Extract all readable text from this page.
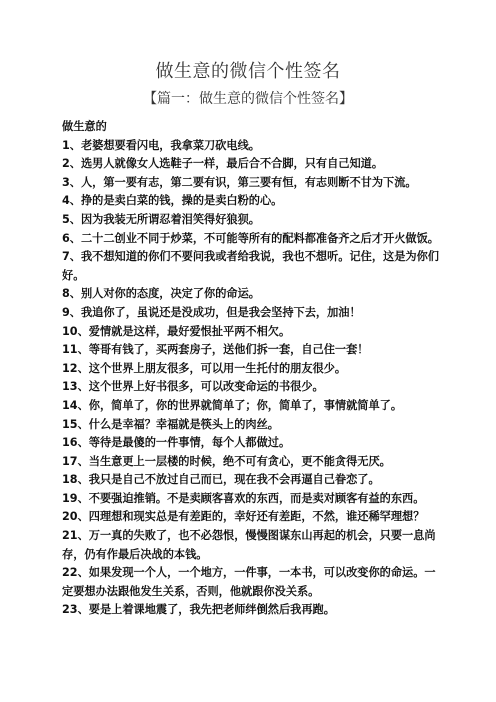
做生意的微信个性签名
【篇一：做生意的微信个性签名】
做生意的
1、老婆想要看闪电，我拿菜刀砍电线。
2、选男人就像女人选鞋子一样，最后合不合脚，只有自己知道。
3、人，第一要有志，第二要有识，第三要有恒，有志则断不甘为下流。
4、挣的是卖白菜的钱，操的是卖白粉的心。
5、因为我装无所谓忍着泪笑得好狼狈。
6、二十二创业不同于炒菜，不可能等所有的配料都准备齐之后才开火做饭。
7、我不想知道的你们不要问我或者给我说，我也不想听。记住，这是为你们好。
8、别人对你的态度，决定了你的命运。
9、我追你了，虽说还是没成功，但是我会坚持下去，加油！
10、爱情就是这样，最好爱恨扯平两不相欠。
11、等哥有钱了，买两套房子，送他们拆一套，自己住一套！
12、这个世界上朋友很多，可以用一生托付的朋友很少。
13、这个世界上好书很多，可以改变命运的书很少。
14、你，简单了，你的世界就简单了；你，简单了，事情就简单了。
15、什么是幸福？幸福就是筷头上的肉丝。
16、等待是最傻的一件事情，每个人都做过。
17、当生意更上一层楼的时候，绝不可有贪心，更不能贪得无厌。
18、我只是自己不放过自己而已，现在我不会再逼自己眷恋了。
19、不要强迫推销。不是卖顾客喜欢的东西，而是卖对顾客有益的东西。
20、四理想和现实总是有差距的，幸好还有差距，不然，谁还稀罕理想？
21、万一真的失败了，也不必怨恨，慢慢图谋东山再起的机会，只要一息尚存，仍有作最后决战的本钱。
22、如果发现一个人，一个地方，一件事，一本书，可以改变你的命运。一定要想办法跟他发生关系，否则，他就跟你没关系。
23、要是上着课地震了，我先把老师绊倒然后我再跑。
